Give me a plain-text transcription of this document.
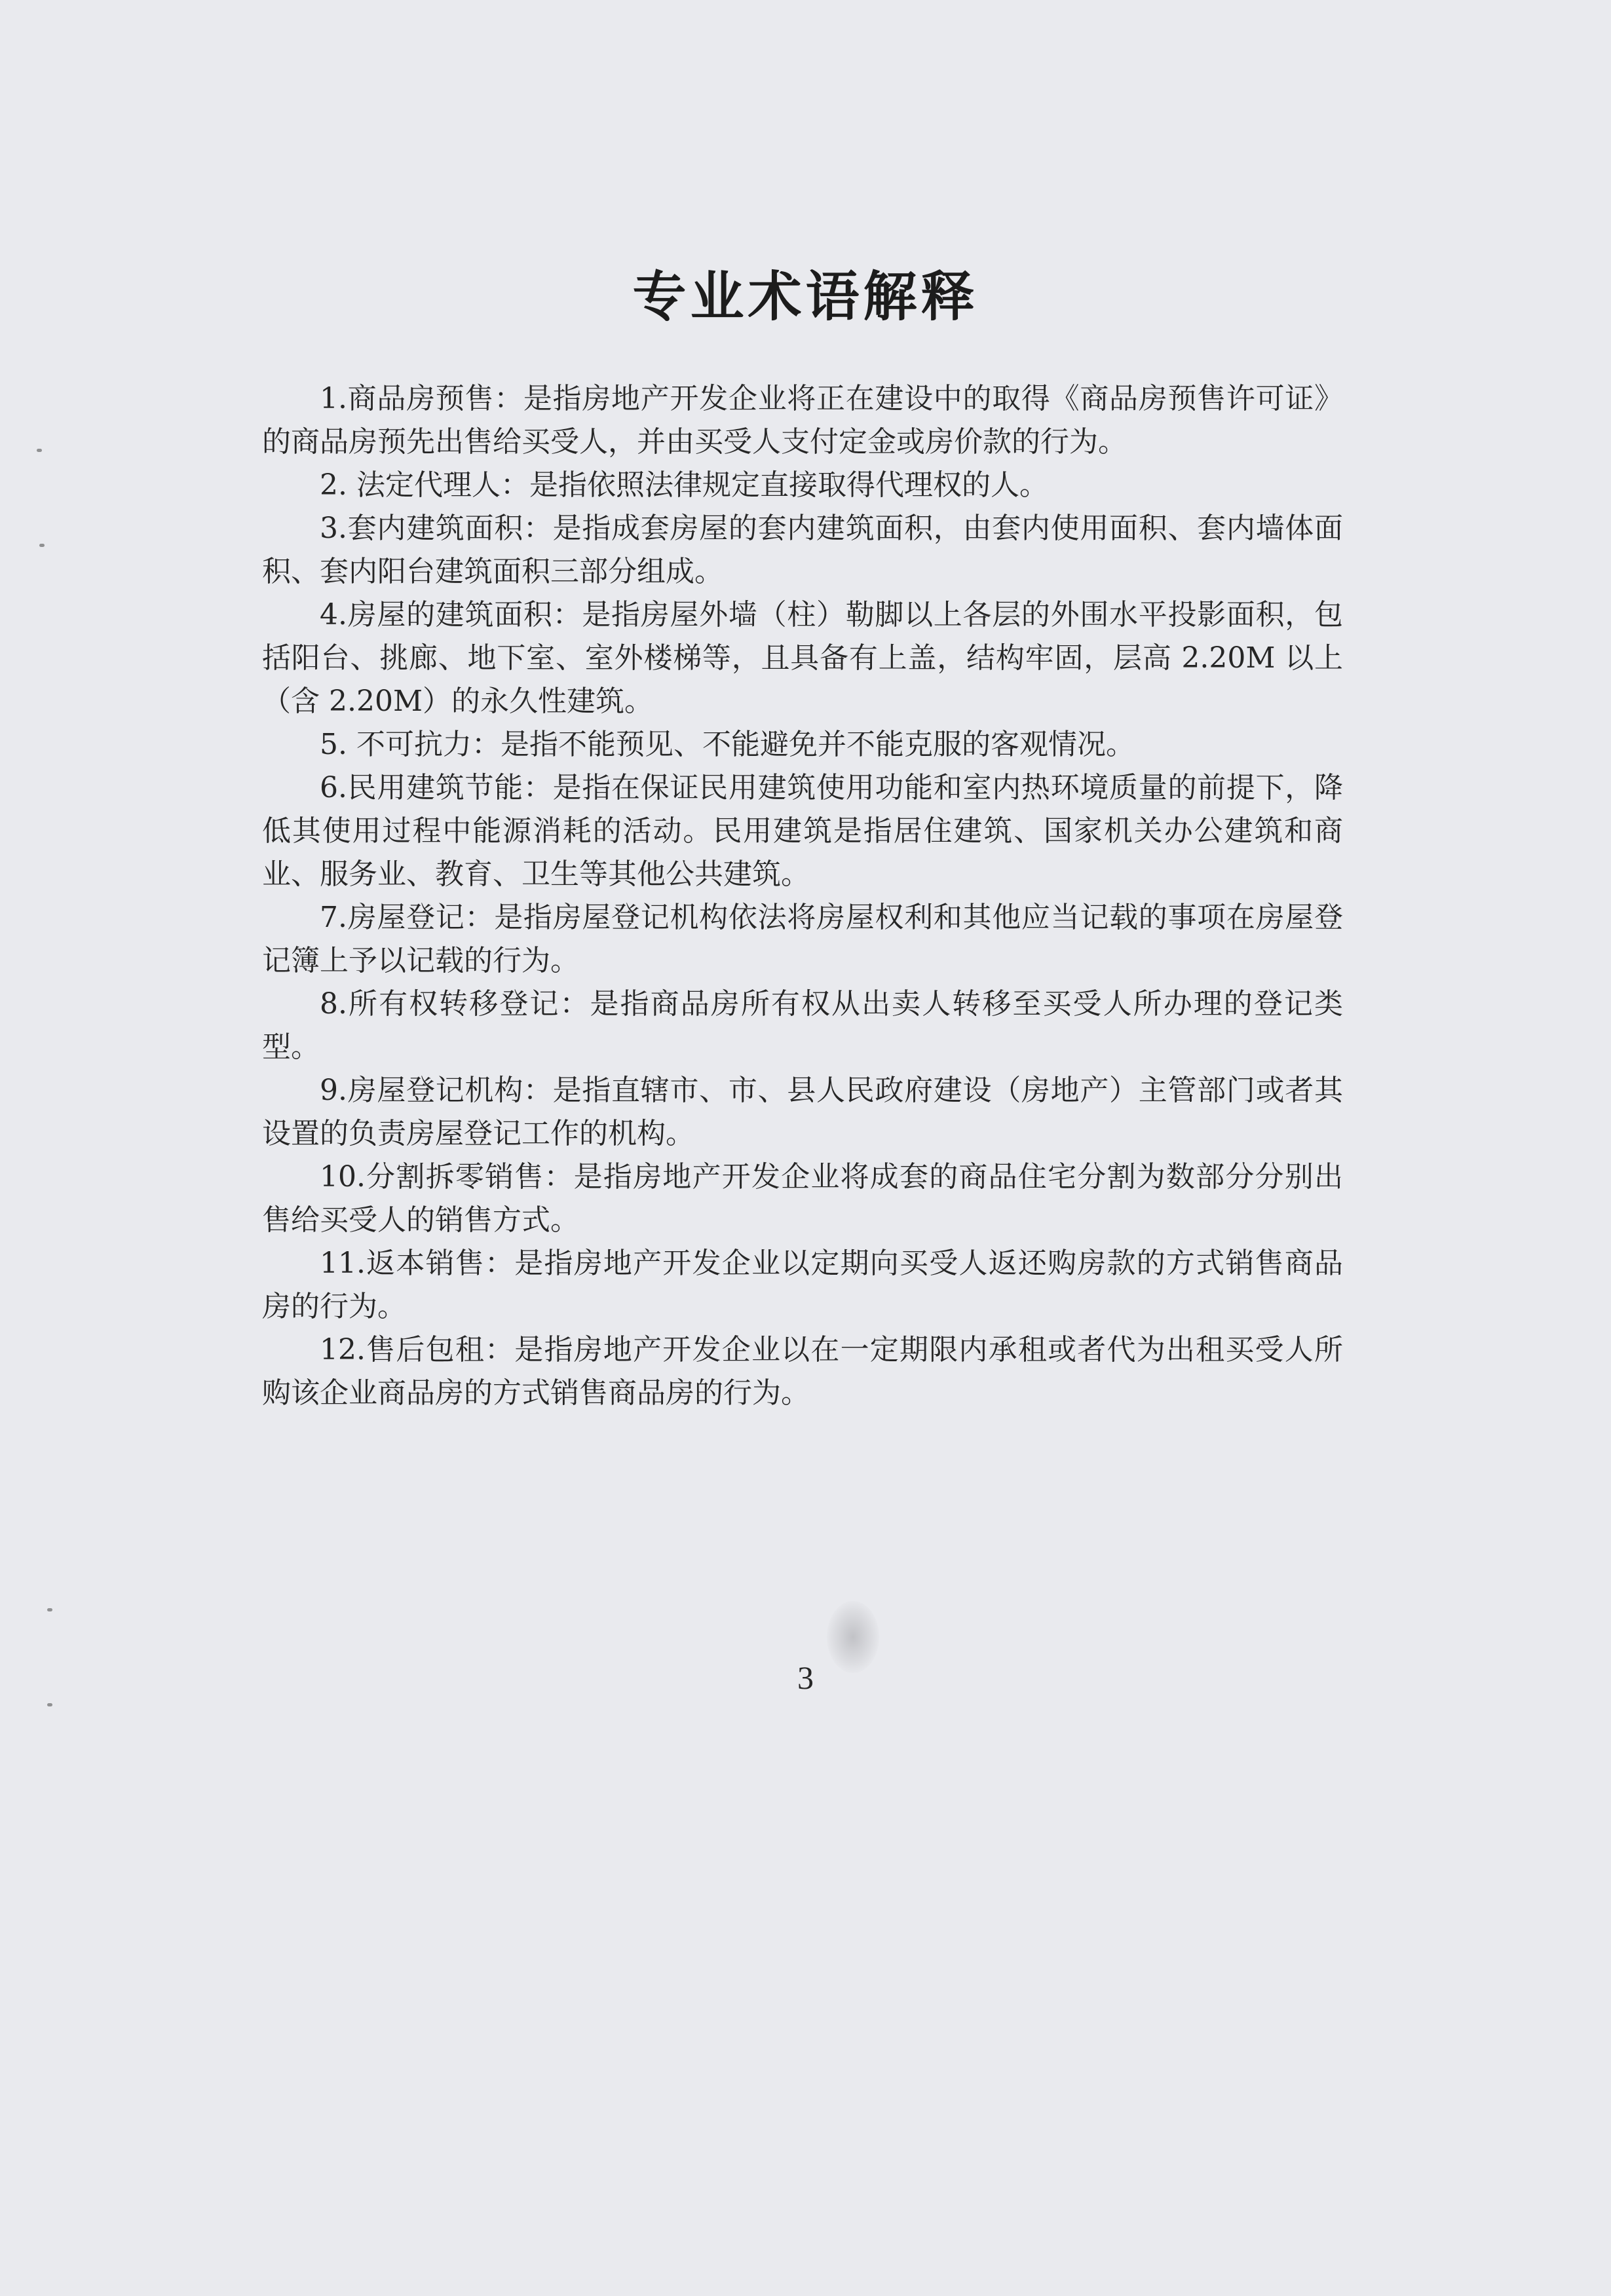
专业术语解释

1.商品房预售：是指房地产开发企业将正在建设中的取得《商品房预售许可证》的商品房预先出售给买受人，并由买受人支付定金或房价款的行为。

2. 法定代理人：是指依照法律规定直接取得代理权的人。

3.套内建筑面积：是指成套房屋的套内建筑面积，由套内使用面积、套内墙体面积、套内阳台建筑面积三部分组成。

4.房屋的建筑面积：是指房屋外墙（柱）勒脚以上各层的外围水平投影面积，包括阳台、挑廊、地下室、室外楼梯等，且具备有上盖，结构牢固，层高 2.20M 以上（含 2.20M）的永久性建筑。

5. 不可抗力：是指不能预见、不能避免并不能克服的客观情况。

6.民用建筑节能：是指在保证民用建筑使用功能和室内热环境质量的前提下，降低其使用过程中能源消耗的活动。民用建筑是指居住建筑、国家机关办公建筑和商业、服务业、教育、卫生等其他公共建筑。

7.房屋登记：是指房屋登记机构依法将房屋权利和其他应当记载的事项在房屋登记簿上予以记载的行为。

8.所有权转移登记：是指商品房所有权从出卖人转移至买受人所办理的登记类型。

9.房屋登记机构：是指直辖市、市、县人民政府建设（房地产）主管部门或者其设置的负责房屋登记工作的机构。

10.分割拆零销售：是指房地产开发企业将成套的商品住宅分割为数部分分别出售给买受人的销售方式。

11.返本销售：是指房地产开发企业以定期向买受人返还购房款的方式销售商品房的行为。

12.售后包租：是指房地产开发企业以在一定期限内承租或者代为出租买受人所购该企业商品房的方式销售商品房的行为。

3
